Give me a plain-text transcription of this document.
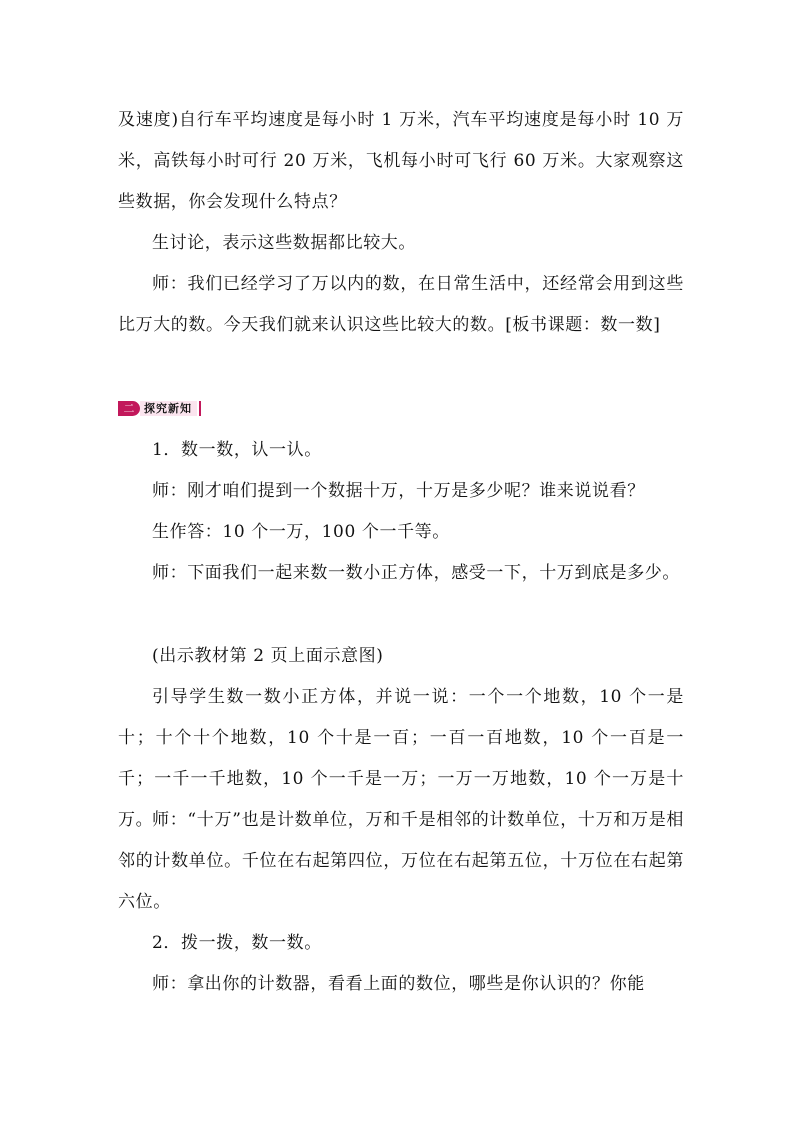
及速度)自行车平均速度是每小时 1 万米，汽车平均速度是每小时 10 万米，高铁每小时可行 20 万米，飞机每小时可飞行 60 万米。大家观察这些数据，你会发现什么特点？

生讨论，表示这些数据都比较大。

师：我们已经学习了万以内的数，在日常生活中，还经常会用到这些比万大的数。今天我们就来认识这些比较大的数。[板书课题：数一数]

二 探究新知

1．数一数，认一认。

师：刚才咱们提到一个数据十万，十万是多少呢？谁来说说看？

生作答：10 个一万，100 个一千等。

师：下面我们一起来数一数小正方体，感受一下，十万到底是多少。

(出示教材第 2 页上面示意图)

引导学生数一数小正方体，并说一说：一个一个地数，10 个一是十；十个十个地数，10 个十是一百；一百一百地数，10 个一百是一千；一千一千地数，10 个一千是一万；一万一万地数，10 个一万是十万。

师：“十万”也是计数单位，万和千是相邻的计数单位，十万和万是相邻的计数单位。千位在右起第四位，万位在右起第五位，十万位在右起第六位。

2．拨一拨，数一数。

师：拿出你的计数器，看看上面的数位，哪些是你认识的？你能
